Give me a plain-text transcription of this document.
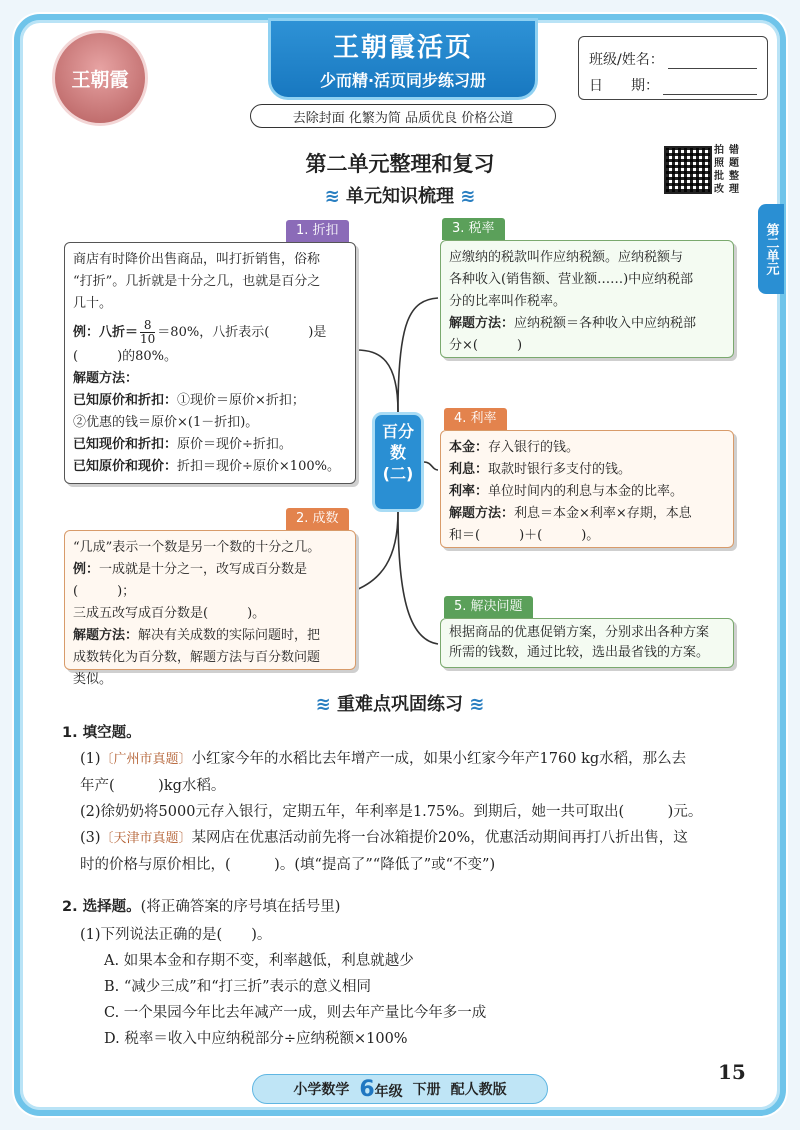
王朝霞
王朝霞活页
少而精·活页同步练习册
去除封面 化繁为简 品质优良 价格公道
班级/姓名：
日　　期：
第二单元整理和复习
拍 错
照 题
批 整
改 理
第二单元
≋ 单元知识梳理 ≋
1. 折扣
商店有时降价出售商品，叫打折销售，俗称
“打折”。几折就是十分之几，也就是百分之
几十。
例：八折＝ $\frac{8}{10} =80\%$，八折表示(　　　)是
(　　　)的80%。
解题方法：
已知原价和折扣：①现价＝原价×折扣；
②优惠的钱＝原价×(1－折扣)。
已知现价和折扣：原价＝现价÷折扣。
已知原价和现价：折扣＝现价÷原价×100%。
3. 税率
应缴纳的税款叫作应纳税额。应纳税额与
各种收入(销售额、营业额……)中应纳税部
分的比率叫作税率。
解题方法：应纳税额＝各种收入中应纳税部
分×(　　　)
百分数(二)
4. 利率
本金：存入银行的钱。
利息：取款时银行多支付的钱。
利率：单位时间内的利息与本金的比率。
解题方法：利息＝本金×利率×存期，本息
和＝(　　　)＋(　　　)。
2. 成数
“几成”表示一个数是另一个数的十分之几。
例：一成就是十分之一，改写成百分数是(　　　)；
三成五改写成百分数是(　　　)。
解题方法：解决有关成数的实际问题时，把
成数转化为百分数，解题方法与百分数问题
类似。
5. 解决问题
根据商品的优惠促销方案，分别求出各种方案
所需的钱数，通过比较，选出最省钱的方案。
≋ 重难点巩固练习 ≋
1. 填空题。
(1)〔广州市真题〕小红家今年的水稻比去年增产一成，如果小红家今年产1760 kg水稻，那么去
年产(　　　)kg水稻。
(2)徐奶奶将5000元存入银行，定期五年，年利率是1.75%。到期后，她一共可取出(　　　)元。
(3)〔天津市真题〕某网店在优惠活动前先将一台冰箱提价20%，优惠活动期间再打八折出售，这
时的价格与原价相比，(　　　)。(填“提高了”“降低了”或“不变”)
2. 选择题。(将正确答案的序号填在括号里)
(1)下列说法正确的是(　　)。
A. 如果本金和存期不变，利率越低，利息就越少
B. “减少三成”和“打三折”表示的意义相同
C. 一个果园今年比去年减产一成，则去年产量比今年多一成
D. 税率＝收入中应纳税部分÷应纳税额×100%
小学数学 6年级 下册 配人教版
15
